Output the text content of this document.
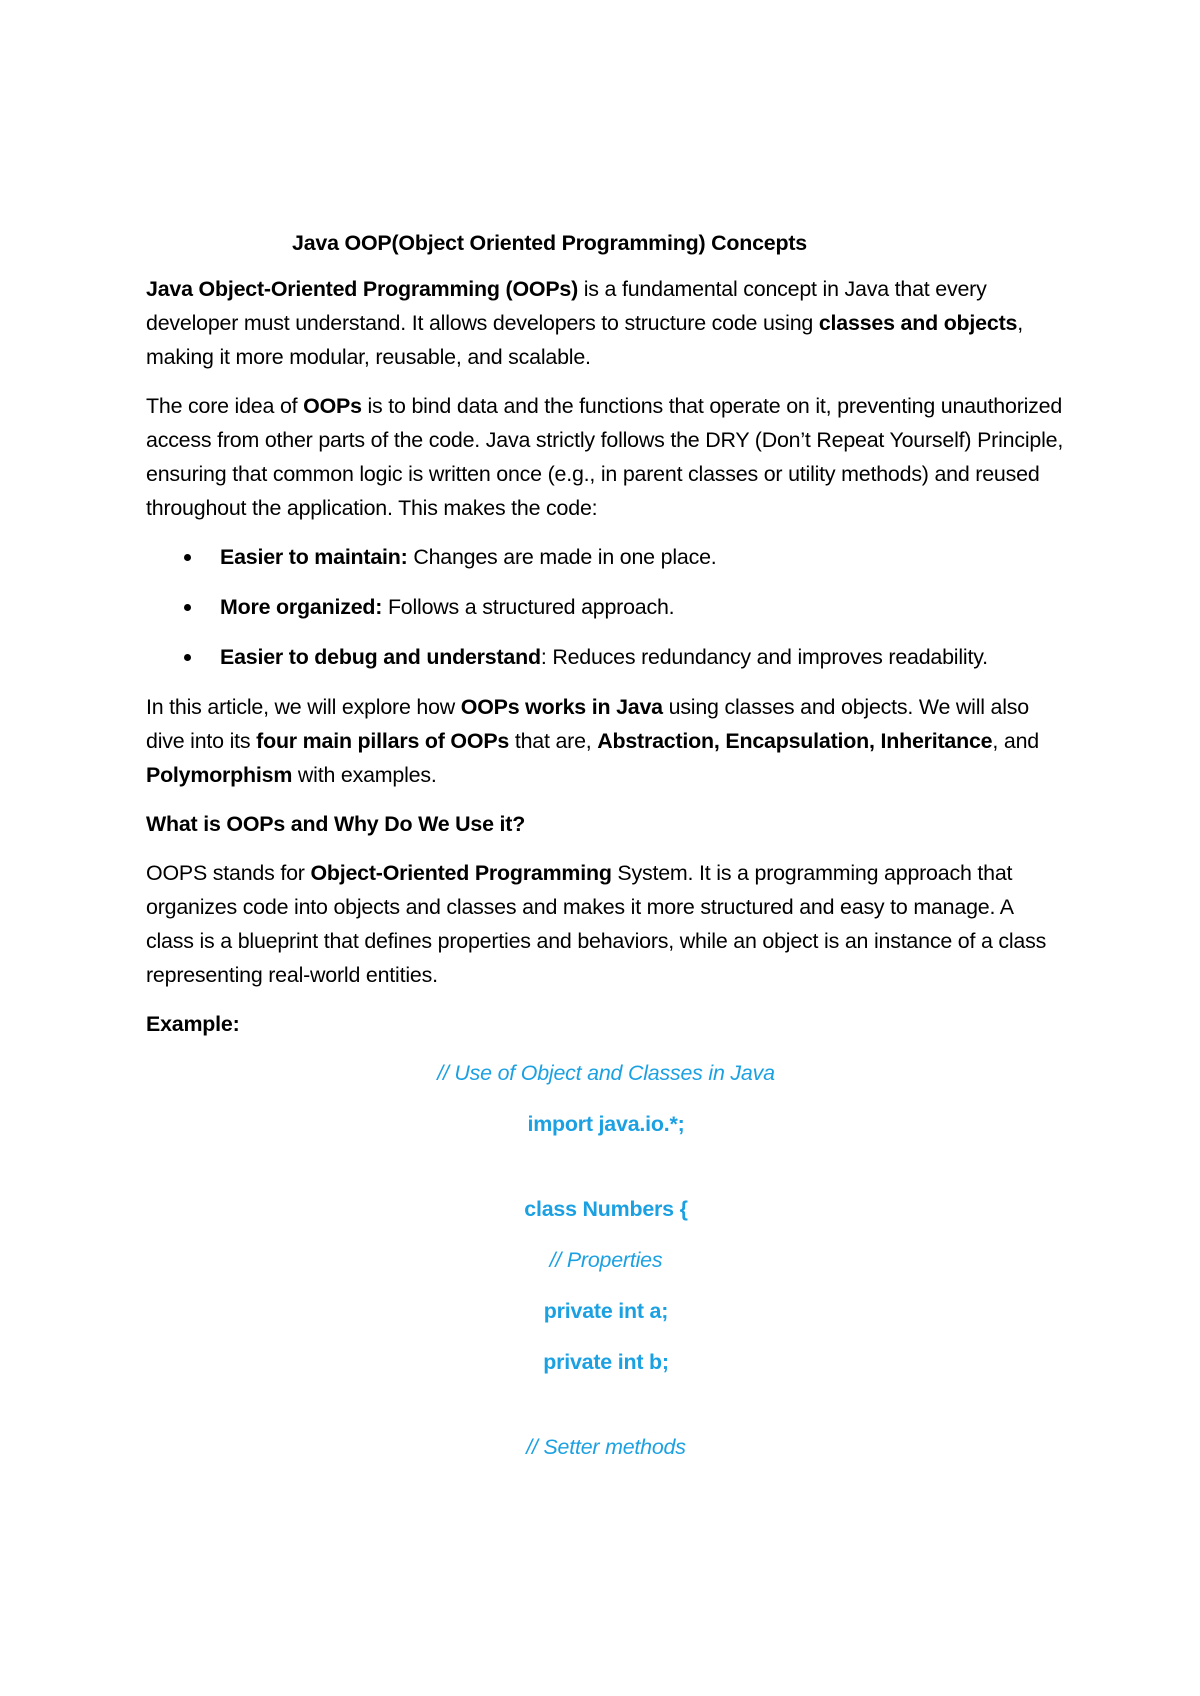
Java OOP(Object Oriented Programming) Concepts

Java Object-Oriented Programming (OOPs) is a fundamental concept in Java that every developer must understand. It allows developers to structure code using classes and objects, making it more modular, reusable, and scalable.

The core idea of OOPs is to bind data and the functions that operate on it, preventing unauthorized access from other parts of the code. Java strictly follows the DRY (Don’t Repeat Yourself) Principle, ensuring that common logic is written once (e.g., in parent classes or utility methods) and reused throughout the application. This makes the code:

Easier to maintain: Changes are made in one place.
More organized: Follows a structured approach.
Easier to debug and understand: Reduces redundancy and improves readability.

In this article, we will explore how OOPs works in Java using classes and objects. We will also dive into its four main pillars of OOPs that are, Abstraction, Encapsulation, Inheritance, and Polymorphism with examples.

What is OOPs and Why Do We Use it?

OOPS stands for Object-Oriented Programming System. It is a programming approach that organizes code into objects and classes and makes it more structured and easy to manage. A class is a blueprint that defines properties and behaviors, while an object is an instance of a class representing real-world entities.

Example:

// Use of Object and Classes in Java
import java.io.*;
class Numbers {
// Properties
private int a;
private int b;
// Setter methods
